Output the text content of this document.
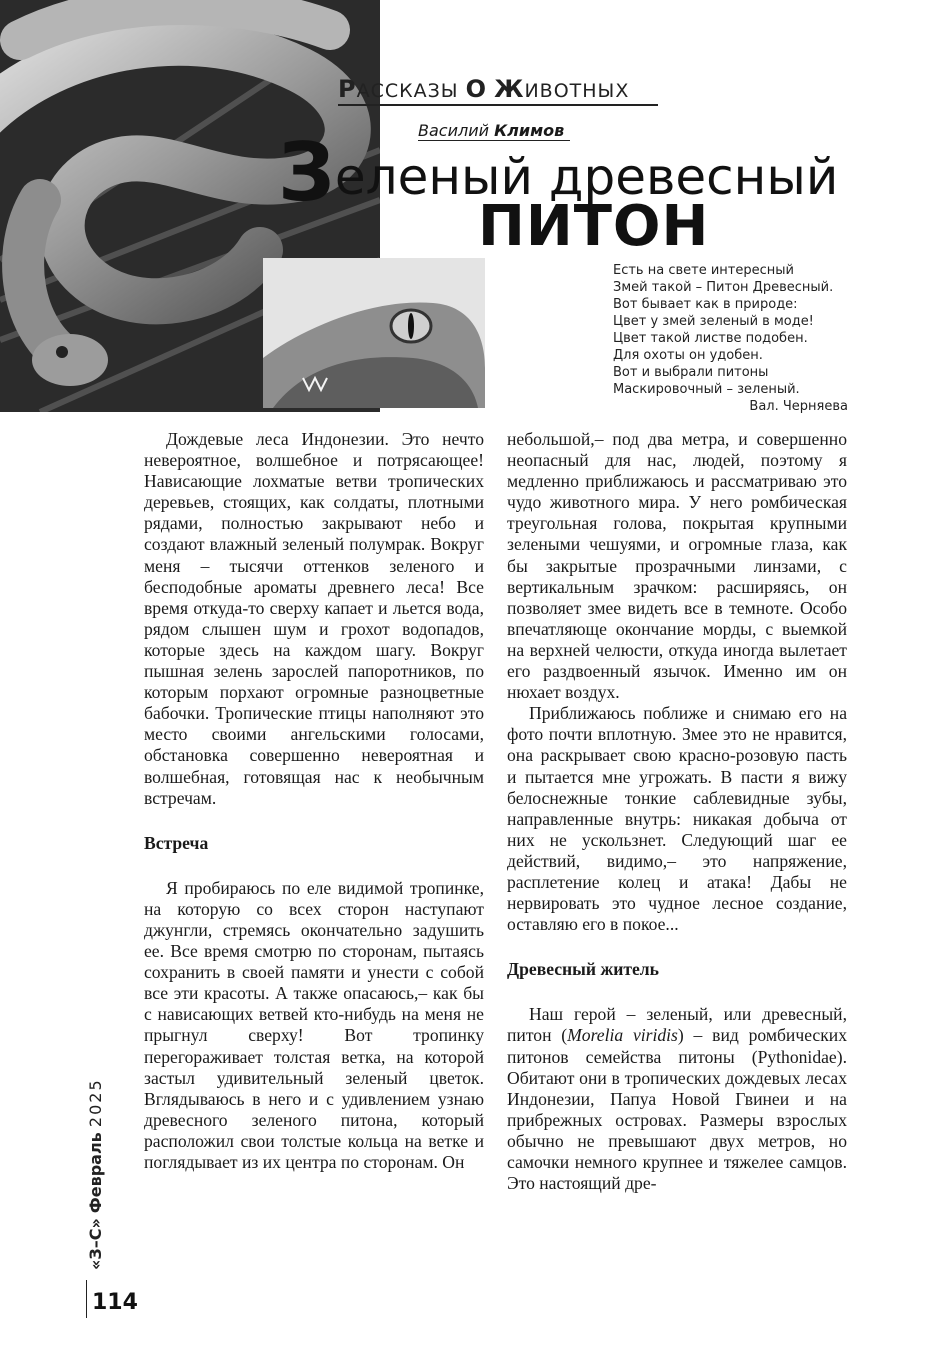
РАССКАЗЫ О ЖИВОТНЫХ
Василий Климов
Зеленый древесный
ПИТОН
Есть на свете интересный
Змей такой – Питон Древесный.
Вот бывает как в природе:
Цвет у змей зеленый в моде!
Цвет такой листве подобен.
Для охоты он удобен.
Вот и выбрали питоны
Маскировочный – зеленый.
Вал. Черняева

Дождевые леса Индонезии. Это нечто невероятное, волшебное и потрясающее! Нависающие лохматые ветви тропических деревьев, стоящих, как солдаты, плотными рядами, полностью закрывают небо и создают влажный зеленый полумрак. Вокруг меня – тысячи оттенков зеленого и бесподобные ароматы древнего леса! Все время откуда-то сверху капает и льется вода, рядом слышен шум и грохот водопадов, которые здесь на каждом шагу. Вокруг пышная зелень зарослей папоротников, по которым порхают огромные разноцветные бабочки. Тропические птицы наполняют это место своими ангельскими голосами, обстановка совершенно невероятная и волшебная, готовящая нас к необычным встречам.

Встреча

Я пробираюсь по еле видимой тропинке, на которую со всех сторон наступают джунгли, стремясь окончательно задушить ее. Все время смотрю по сторонам, пытаясь сохранить в своей памяти и унести с собой все эти красоты. А также опасаюсь,– как бы с нависающих ветвей кто-нибудь на меня не прыгнул сверху! Вот тропинку перегораживает толстая ветка, на которой застыл удивительный зеленый цветок. Вглядываюсь в него и с удивлением узнаю древесного зеленого питона, который расположил свои толстые кольца на ветке и поглядывает из их центра по сторонам. Он

небольшой,– под два метра, и совершенно неопасный для нас, людей, поэтому я медленно приближаюсь и рассматриваю это чудо животного мира. У него ромбическая треугольная голова, покрытая крупными зелеными чешуями, и огромные глаза, как бы закрытые прозрачными линзами, с вертикальным зрачком: расширяясь, он позволяет змее видеть все в темноте. Особо впечатляюще окончание морды, с выемкой на верхней челюсти, откуда иногда вылетает его раздвоенный язычок. Именно им он нюхает воздух.

Приближаюсь поближе и снимаю его на фото почти вплотную. Змее это не нравится, она раскрывает свою красно-розовую пасть и пытается мне угрожать. В пасти я вижу белоснежные тонкие саблевидные зубы, направленные внутрь: никакая добыча от них не ускользнет. Следующий шаг ее действий, видимо,– это напряжение, расплетение колец и атака! Дабы не нервировать это чудное лесное создание, оставляю его в покое...

Древесный житель

Наш герой – зеленый, или древесный, питон (Morelia viridis) – вид ромбических питонов семейства питоны (Pythonidae). Обитают они в тропических дождевых лесах Индонезии, Папуа Новой Гвинеи и на прибрежных островах. Размеры взрослых обычно не превышают двух метров, но самочки немного крупнее и тяжелее самцов. Это настоящий дре-

«З–С» Февраль 2025
114
